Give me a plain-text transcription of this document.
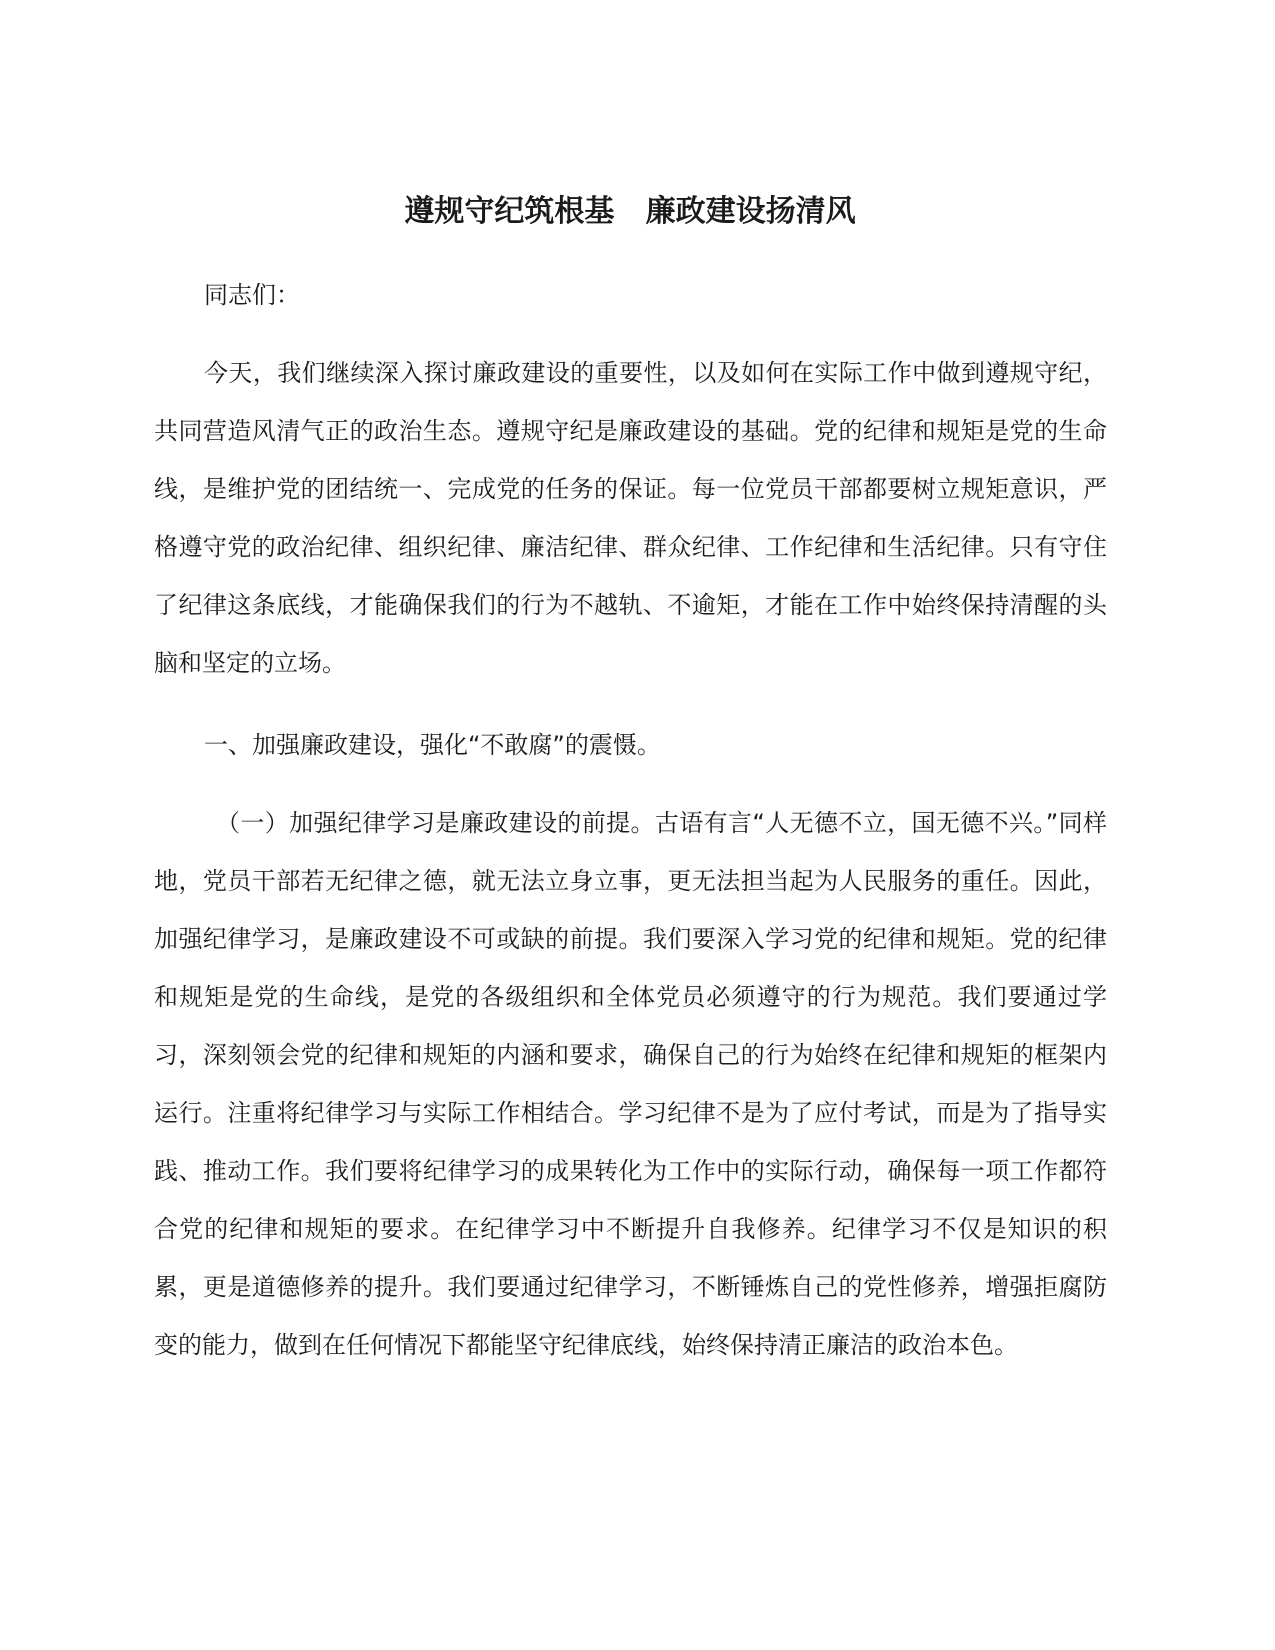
遵规守纪筑根基   廉政建设扬清风

同志们：

今天，我们继续深入探讨廉政建设的重要性，以及如何在实际工作中做到遵规守纪，共同营造风清气正的政治生态。遵规守纪是廉政建设的基础。党的纪律和规矩是党的生命线，是维护党的团结统一、完成党的任务的保证。每一位党员干部都要树立规矩意识，严格遵守党的政治纪律、组织纪律、廉洁纪律、群众纪律、工作纪律和生活纪律。只有守住了纪律这条底线，才能确保我们的行为不越轨、不逾矩，才能在工作中始终保持清醒的头脑和坚定的立场。

一、加强廉政建设，强化“不敢腐”的震慑。

（一）加强纪律学习是廉政建设的前提。古语有言“人无德不立，国无德不兴。”同样地，党员干部若无纪律之德，就无法立身立事，更无法担当起为人民服务的重任。因此，加强纪律学习，是廉政建设不可或缺的前提。我们要深入学习党的纪律和规矩。党的纪律和规矩是党的生命线，是党的各级组织和全体党员必须遵守的行为规范。我们要通过学习，深刻领会党的纪律和规矩的内涵和要求，确保自己的行为始终在纪律和规矩的框架内运行。注重将纪律学习与实际工作相结合。学习纪律不是为了应付考试，而是为了指导实践、推动工作。我们要将纪律学习的成果转化为工作中的实际行动，确保每一项工作都符合党的纪律和规矩的要求。在纪律学习中不断提升自我修养。纪律学习不仅是知识的积累，更是道德修养的提升。我们要通过纪律学习，不断锤炼自己的党性修养，增强拒腐防变的能力，做到在任何情况下都能坚守纪律底线，始终保持清正廉洁的政治本色。
